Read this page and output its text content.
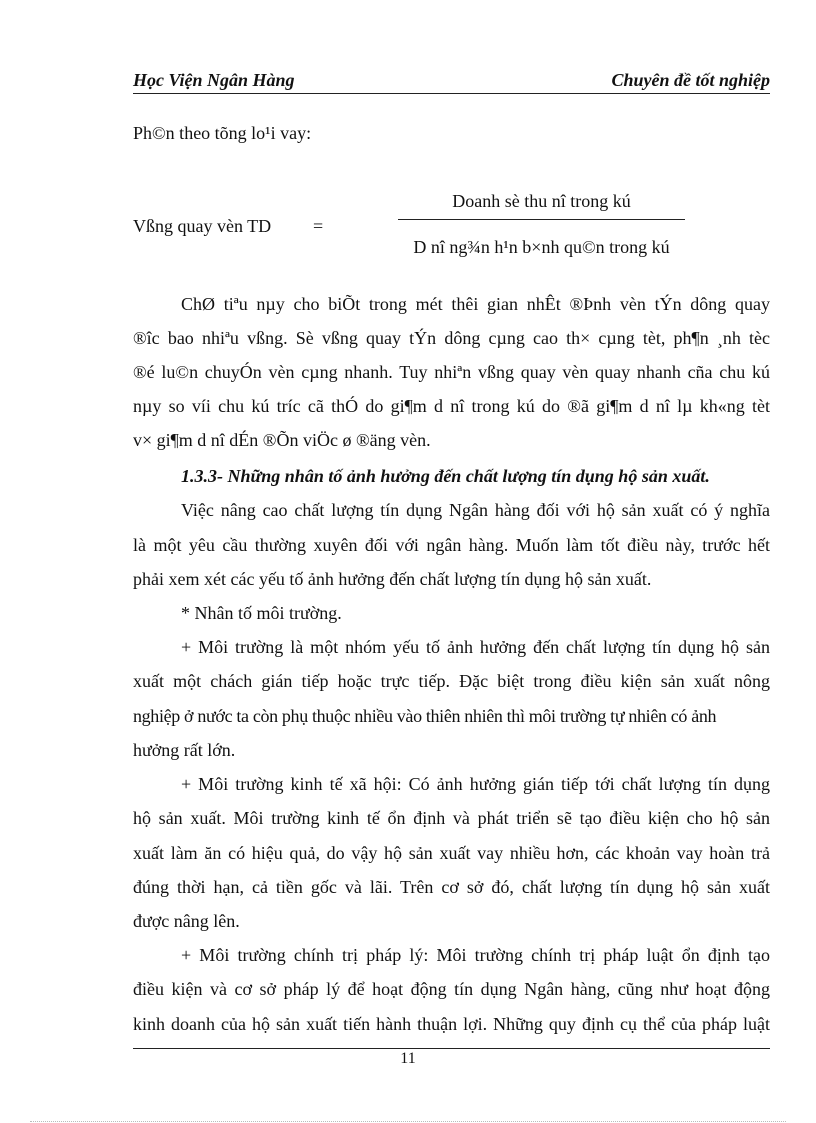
Học Viện Ngân Hàng	Chuyên đề tốt nghiệp
Ph©n theo tõng lo¹i vay:
Vßng quay vèn TD =
Doanh sè thu nî trong kú
D nî ng¾n h¹n b×nh qu©n trong kú
ChØ tiªu nµy cho biÕt trong mét thêi gian nhÊt ®Þnh vèn tÝn dông quay
®îc bao nhiªu vßng. Sè vßng quay tÝn dông cµng cao th× cµng tèt, ph¶n ¸nh tèc
®é lu©n chuyÓn vèn cµng nhanh. Tuy nhiªn vßng quay vèn quay nhanh cña chu kú
nµy so víi chu kú tríc cã thÓ do gi¶m d nî trong kú do ®ã gi¶m d nî lµ kh«ng tèt
v× gi¶m d nî dÉn ®Õn viÖc ø ®äng vèn.
1.3.3- Những nhân tố ảnh hưởng đến chất lượng tín dụng hộ sản xuất.
Việc nâng cao chất lượng tín dụng Ngân hàng đối với hộ sản xuất có ý nghĩa
là một yêu cầu thường xuyên đối với ngân hàng. Muốn làm tốt điều này, trước hết
phải xem xét các yếu tố ảnh hưởng đến chất lượng tín dụng hộ sản xuất.
* Nhân tố môi trường.
+ Môi trường là một nhóm yếu tố ảnh hưởng đến chất lượng tín dụng hộ sản
xuất một chách gián tiếp hoặc trực tiếp. Đặc biệt trong điều kiện sản xuất nông
nghiệp ở nước ta còn phụ thuộc nhiều vào thiên nhiên thì môi trường tự nhiên có ảnh
hưởng rất lớn.
+ Môi trường kinh tế xã hội: Có ảnh hưởng gián tiếp tới chất lượng tín dụng
hộ sản xuất. Môi trường kinh tế ổn định và phát triển sẽ tạo điều kiện cho hộ sản
xuất làm ăn có hiệu quả, do vậy hộ sản xuất vay nhiều hơn, các khoản vay hoàn trả
đúng thời hạn, cả tiền gốc và lãi. Trên cơ sở đó, chất lượng tín dụng hộ sản xuất
được nâng lên.
+ Môi trường chính trị pháp lý: Môi trường chính trị pháp luật ổn định tạo
điều kiện và cơ sở pháp lý để hoạt động tín dụng Ngân hàng, cũng như hoạt động
kinh doanh của hộ sản xuất tiến hành thuận lợi. Những quy định cụ thể của pháp luật
11
